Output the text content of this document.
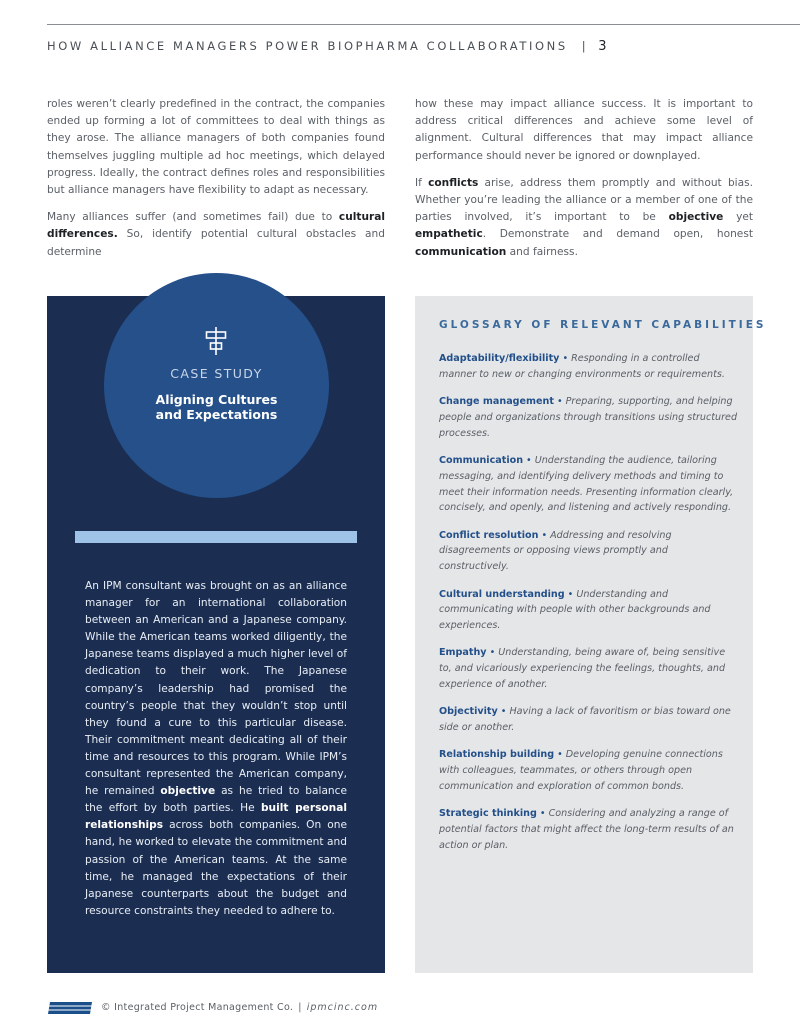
HOW ALLIANCE MANAGERS POWER BIOPHARMA COLLABORATIONS | 3

roles weren’t clearly predefined in the contract, the companies ended up forming a lot of committees to deal with things as they arose. The alliance managers of both companies found themselves juggling multiple ad hoc meetings, which delayed progress. Ideally, the contract defines roles and responsibilities but alliance managers have flexibility to adapt as necessary.

Many alliances suffer (and sometimes fail) due to cultural differences. So, identify potential cultural obstacles and determine

how these may impact alliance success. It is important to address critical differences and achieve some level of alignment. Cultural differences that may impact alliance performance should never be ignored or downplayed.

If conflicts arise, address them promptly and without bias. Whether you’re leading the alliance or a member of one of the parties involved, it’s important to be objective yet empathetic. Demonstrate and demand open, honest communication and fairness.

CASE STUDY
Aligning Cultures
and Expectations
An IPM consultant was brought on as an alliance manager for an international collaboration between an American and a Japanese company. While the American teams worked diligently, the Japanese teams displayed a much higher level of dedication to their work. The Japanese company’s leadership had promised the country’s people that they wouldn’t stop until they found a cure to this particular disease. Their commitment meant dedicating all of their time and resources to this program. While IPM’s consultant represented the American company, he remained objective as he tried to balance the effort by both parties. He built personal relationships across both companies. On one hand, he worked to elevate the commitment and passion of the American teams. At the same time, he managed the expectations of their Japanese counterparts about the budget and resource constraints they needed to adhere to.
GLOSSARY OF RELEVANT CAPABILITIES
Adaptability/flexibility • Responding in a controlled manner to new or changing environments or requirements.
Change management • Preparing, supporting, and helping people and organizations through transitions using structured processes.
Communication • Understanding the audience, tailoring messaging, and identifying delivery methods and timing to meet their information needs. Presenting information clearly, concisely, and openly, and listening and actively responding.
Conflict resolution • Addressing and resolving disagreements or opposing views promptly and constructively.
Cultural understanding • Understanding and communicating with people with other backgrounds and experiences.
Empathy • Understanding, being aware of, being sensitive to, and vicariously experiencing the feelings, thoughts, and experience of another.
Objectivity • Having a lack of favoritism or bias toward one side or another.
Relationship building • Developing genuine connections with colleagues, teammates, or others through open communication and exploration of common bonds.
Strategic thinking • Considering and analyzing a range of potential factors that might affect the long-term results of an action or plan.
© Integrated Project Management Co. | ipmcinc.com
